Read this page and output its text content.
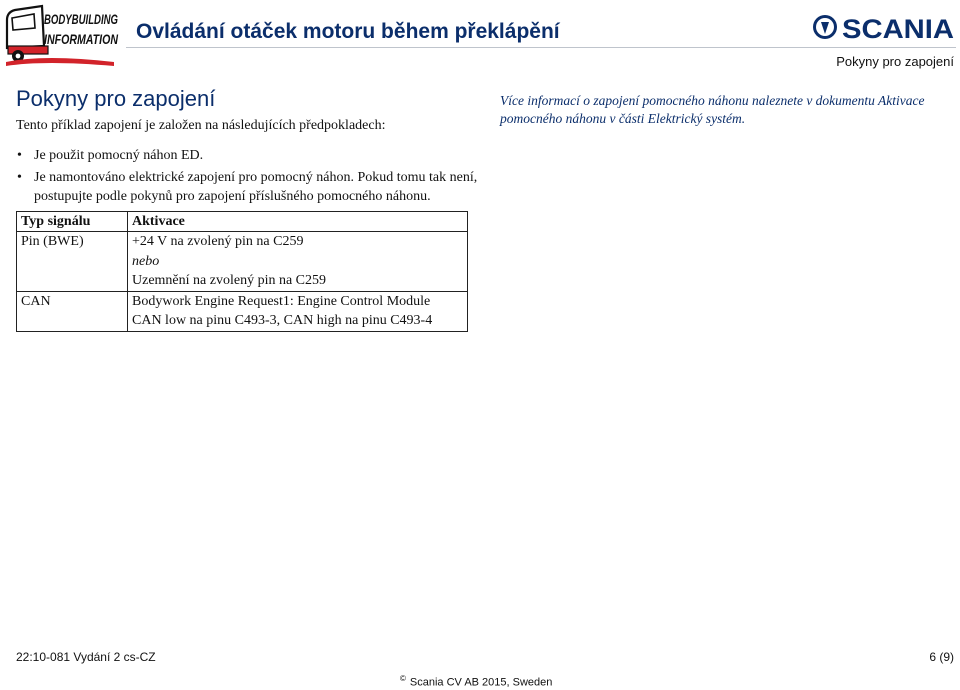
BODYBUILDING
INFORMATION Ovládání otáček motoru během překlápění	SCANIA
Pokyny pro zapojení
Pokyny pro zapojení
Tento příklad zapojení je založen na následujících předpokladech:
• Je použit pomocný náhon ED.
• Je namontováno elektrické zapojení pro pomocný náhon. Pokud tomu tak není,
postupujte podle pokynů pro zapojení příslušného pomocného náhonu.
Více informací o zapojení pomocného náhonu naleznete v dokumentu Aktivace pomocného náhonu v části Elektrický systém.
Typ signálu	Aktivace
Pin (BWE)	+24 V na zvolený pin na C259
nebo
Uzemnění na zvolený pin na C259

CAN	Bodywork Engine Request1: Engine Control Module
CAN low na pinu C493-3, CAN high na pinu C493-4
22:10-081 Vydání 2 cs-CZ	6 (9)
© Scania CV AB 2015, Sweden
